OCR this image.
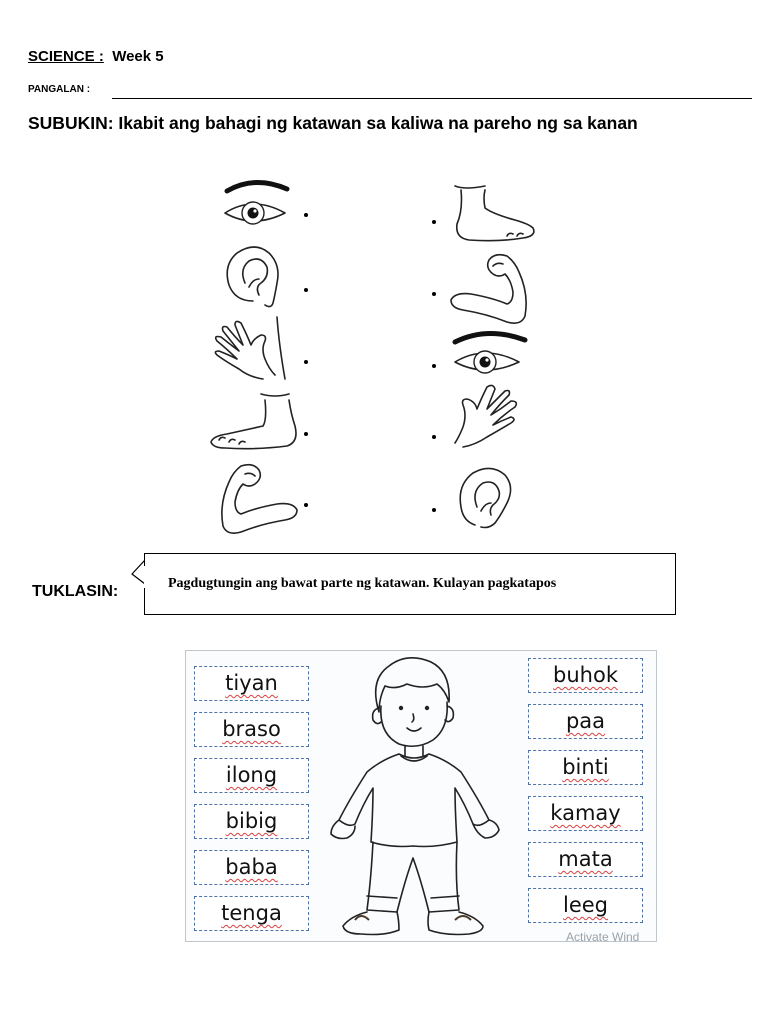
SCIENCE : Week 5
PANGALAN :
SUBUKIN: Ikabit ang bahagi ng katawan sa kaliwa na pareho ng sa kanan
TUKLASIN:	Pagdugtungin ang bawat parte ng katawan. Kulayan pagkatapos
tiyan
braso
ilong
bibig
baba
tenga
buhok
paa
binti
kamay
mata
leeg
Activate Wind
